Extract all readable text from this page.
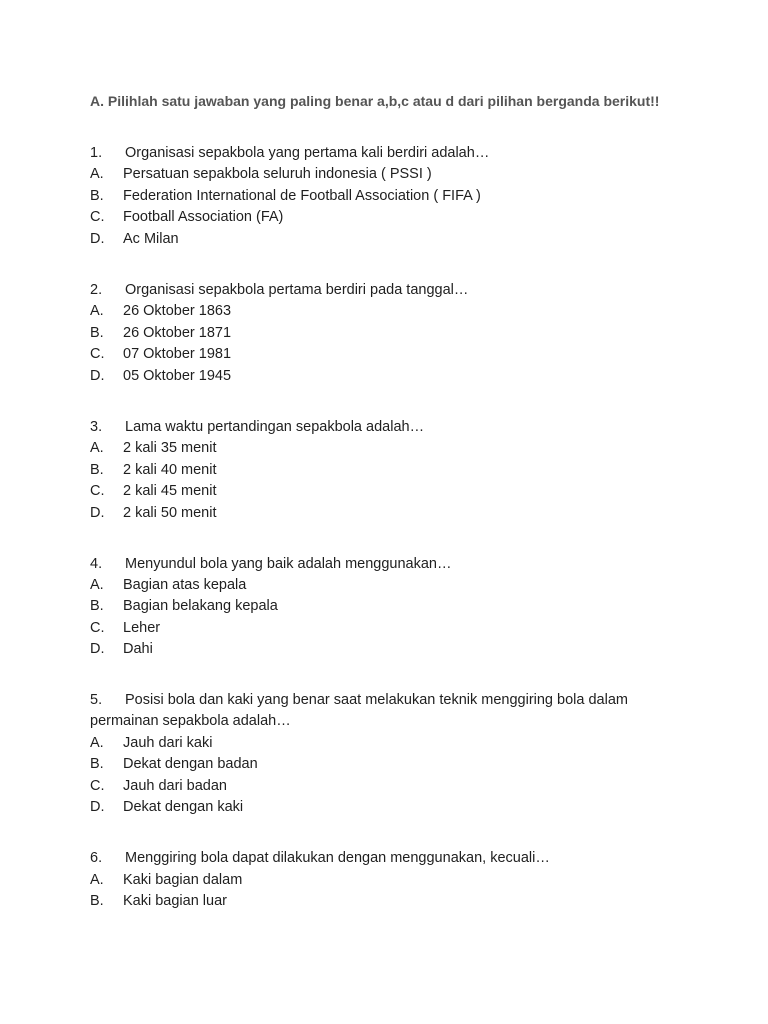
A. Pilihlah satu jawaban yang paling benar a,b,c atau d dari pilihan berganda berikut!!
1. Organisasi sepakbola yang pertama kali berdiri adalah…
A. Persatuan sepakbola seluruh indonesia ( PSSI )
B. Federation International de Football Association ( FIFA )
C. Football Association (FA)
D. Ac Milan
2. Organisasi sepakbola pertama berdiri pada tanggal…
A. 26 Oktober 1863
B. 26 Oktober 1871
C. 07 Oktober 1981
D. 05 Oktober 1945
3. Lama waktu pertandingan sepakbola adalah…
A. 2 kali 35 menit
B. 2 kali 40 menit
C. 2 kali 45 menit
D. 2 kali 50 menit
4. Menyundul bola yang baik adalah menggunakan…
A. Bagian atas kepala
B. Bagian belakang kepala
C. Leher
D. Dahi
5. Posisi bola dan kaki yang benar saat melakukan teknik menggiring bola dalam
permainan sepakbola adalah…
A. Jauh dari kaki
B. Dekat dengan badan
C. Jauh dari badan
D. Dekat dengan kaki
6. Menggiring bola dapat dilakukan dengan menggunakan, kecuali…
A. Kaki bagian dalam
B. Kaki bagian luar
